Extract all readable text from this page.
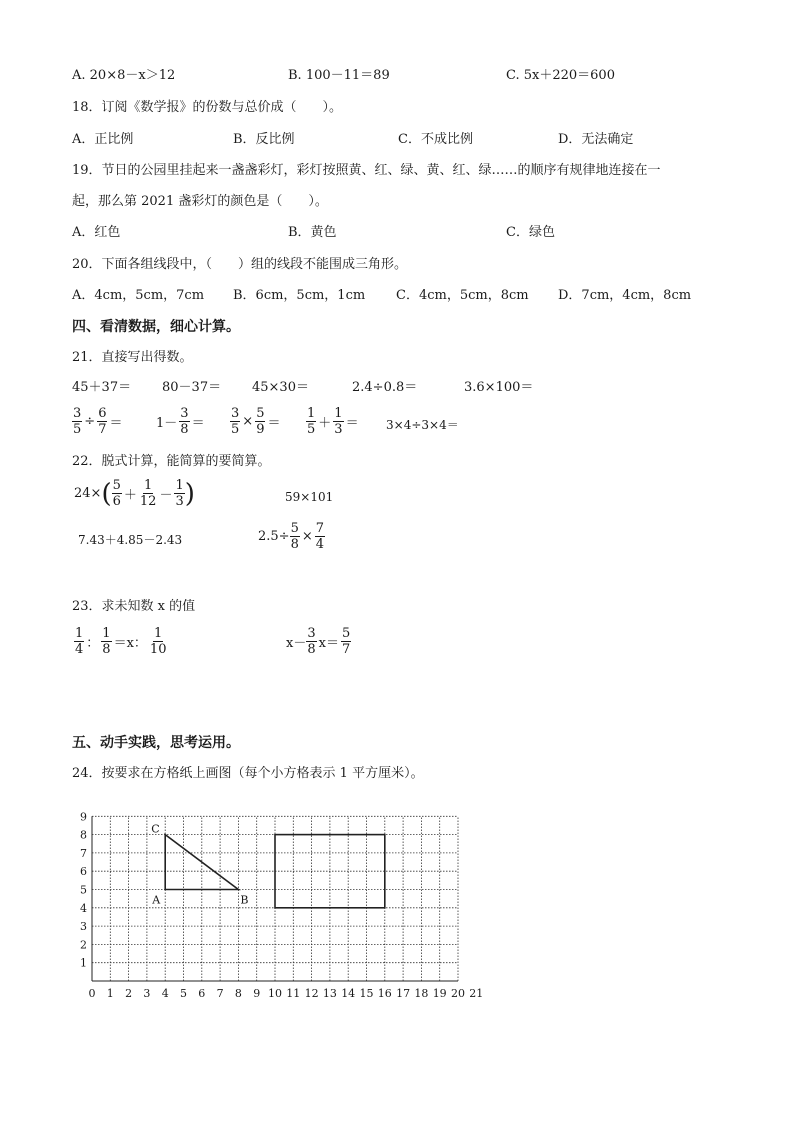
A. 20×8－x＞12	B. 100－11＝89	C. 5x＋220＝600
18．订阅《数学报》的份数与总价成（　　）。
A．正比例	B．反比例	C．不成比例	D．无法确定
19．节日的公园里挂起来一盏盏彩灯，彩灯按照黄、红、绿、黄、红、绿……的顺序有规律地连接在一
起，那么第 2021 盏彩灯的颜色是（　　）。
A．红色	B．黄色	C．绿色
20．下面各组线段中，（　　）组的线段不能围成三角形。
A．4cm，5cm，7cm B．6cm，5cm，1cm C．4cm，5cm，8cm D．7cm，4cm，8cm
四、看清数据，细心计算。
21．直接写出得数。
45＋37＝ 80－37＝ 45×30＝	2.4÷0.8＝	3.6×100＝
$\frac{3}{5} \div \frac{6}{7}$ ＝	$1- \frac{3}{8} = \frac{3}{5} \times \frac{5}{9} = \frac{1}{5} + \frac{1}{3} = 3\times 4\div 3\times 4=$
22．脱式计算，能简算的要简算。
24× ( $\frac{5}{6} + \frac{1}{12} - \frac{1}{3}$ )	59×101
7.43＋4.85－2.43	$2.5\div \frac{5}{8} \times \frac{7}{4}$
23．求未知数 x 的值
$\frac{1}{4}$ ： $\frac{1}{8} =x$： $\frac{1}{10}$	$x- \frac{3}{8} x= \frac{5}{7}$
五、动手实践，思考运用。
24．按要求在方格纸上画图（每个小方格表示 1 平方厘米）。
0 1 2 3 4 5 6 7 8 9 10 11 12 13 14 15 16 17 18 19 20 21
1
2
3
4
5
6
7
8
9
A	B
C
